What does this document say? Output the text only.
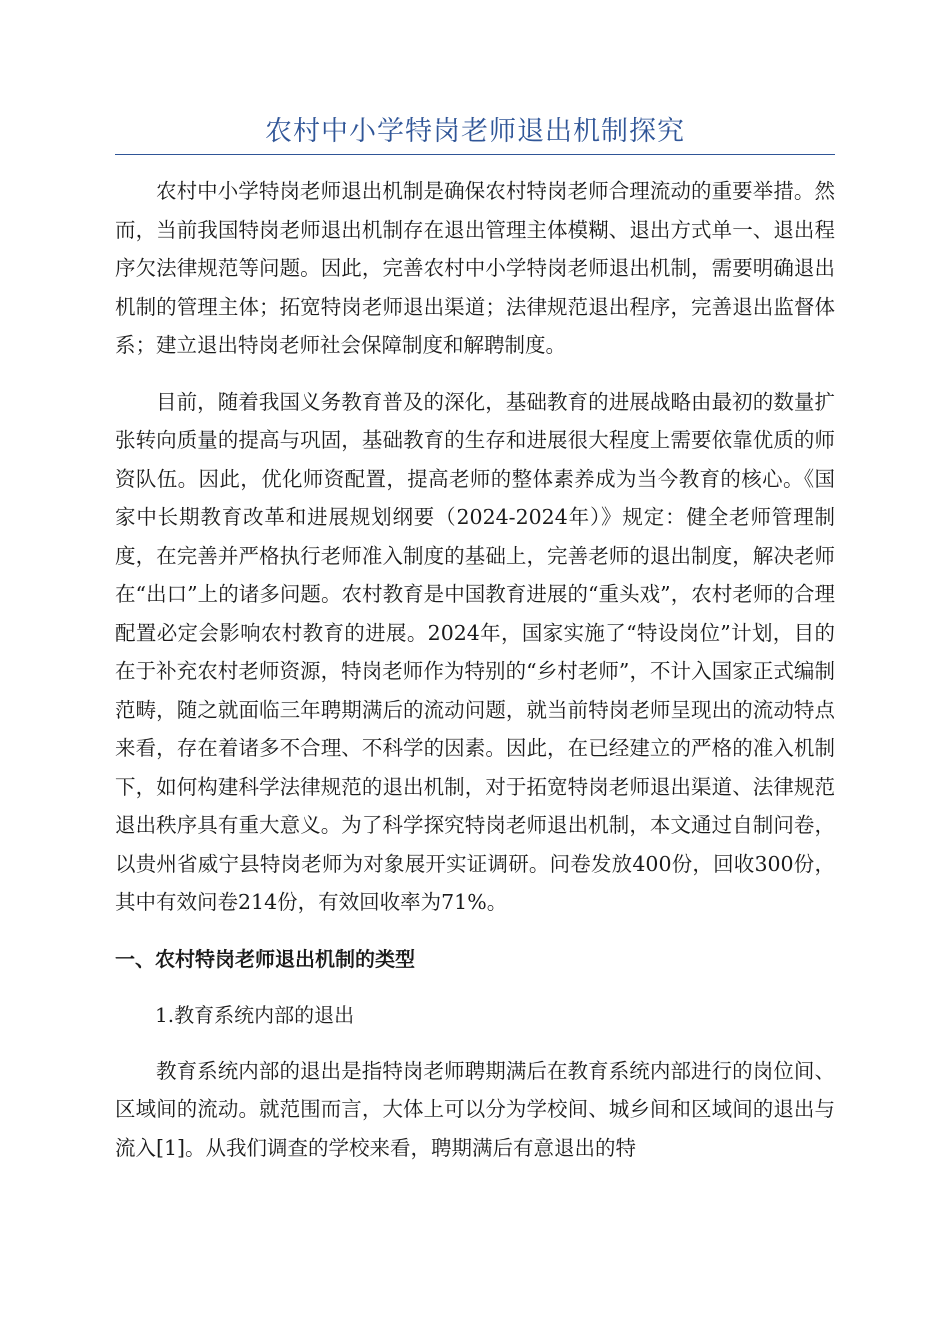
农村中小学特岗老师退出机制探究

农村中小学特岗老师退出机制是确保农村特岗老师合理流动的重要举措。然而，当前我国特岗老师退出机制存在退出管理主体模糊、退出方式单一、退出程序欠法律规范等问题。因此，完善农村中小学特岗老师退出机制，需要明确退出机制的管理主体；拓宽特岗老师退出渠道；法律规范退出程序，完善退出监督体系；建立退出特岗老师社会保障制度和解聘制度。

目前，随着我国义务教育普及的深化，基础教育的进展战略由最初的数量扩张转向质量的提高与巩固，基础教育的生存和进展很大程度上需要依靠优质的师资队伍。因此，优化师资配置，提高老师的整体素养成为当今教育的核心。《国家中长期教育改革和进展规划纲要（2024-2024年）》规定：健全老师管理制度，在完善并严格执行老师准入制度的基础上，完善老师的退出制度，解决老师在“出口”上的诸多问题。农村教育是中国教育进展的“重头戏”，农村老师的合理配置必定会影响农村教育的进展。2024年，国家实施了“特设岗位”计划，目的在于补充农村老师资源，特岗老师作为特别的“乡村老师”，不计入国家正式编制范畴，随之就面临三年聘期满后的流动问题，就当前特岗老师呈现出的流动特点来看，存在着诸多不合理、不科学的因素。因此，在已经建立的严格的准入机制下，如何构建科学法律规范的退出机制，对于拓宽特岗老师退出渠道、法律规范退出秩序具有重大意义。为了科学探究特岗老师退出机制，本文通过自制问卷，以贵州省威宁县特岗老师为对象展开实证调研。问卷发放400份，回收300份，其中有效问卷214份，有效回收率为71%。

一、农村特岗老师退出机制的类型

1.教育系统内部的退出

教育系统内部的退出是指特岗老师聘期满后在教育系统内部进行的岗位间、区域间的流动。就范围而言，大体上可以分为学校间、城乡间和区域间的退出与流入[1]。从我们调查的学校来看，聘期满后有意退出的特
